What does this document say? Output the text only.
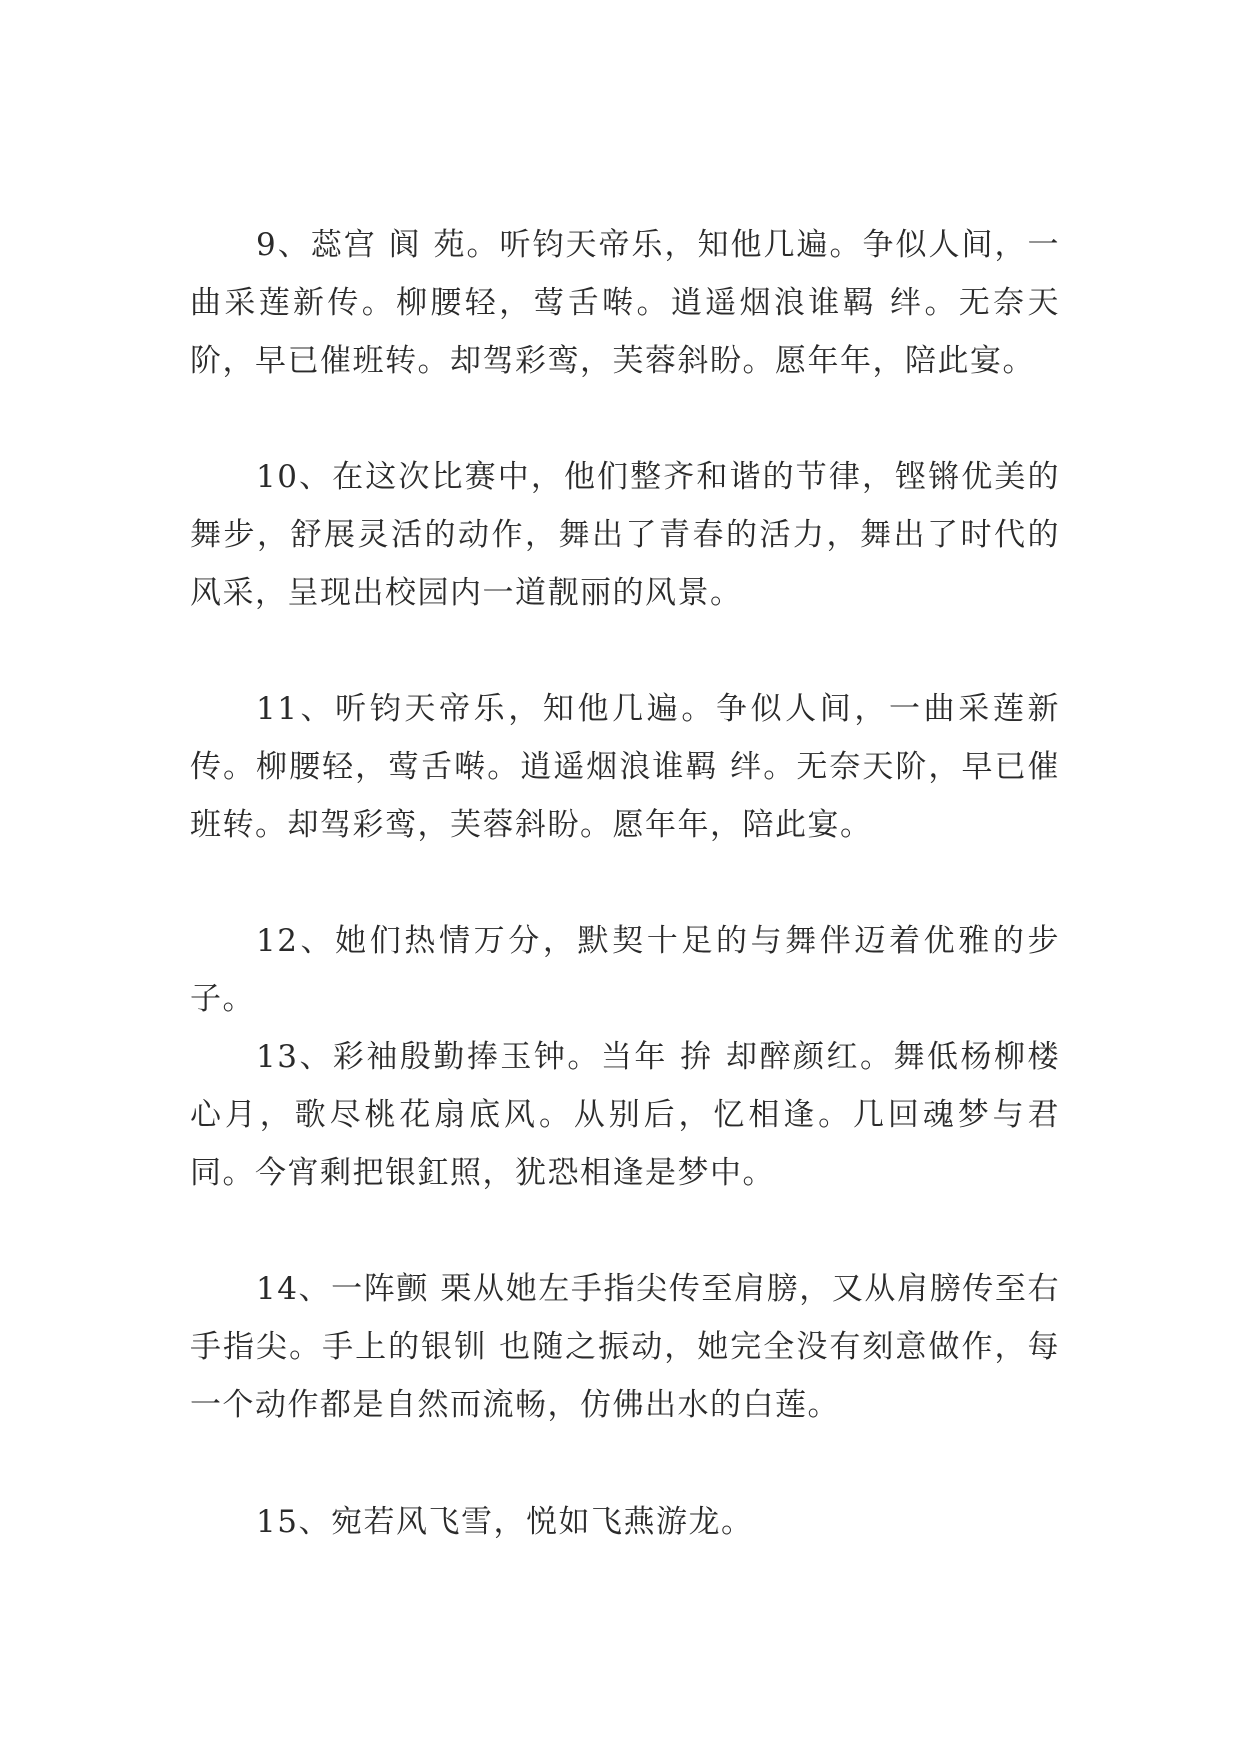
9、蕊宫 阆 苑。听钧天帝乐，知他几遍。争似人间，一曲采莲新传。柳腰轻，莺舌啭。逍遥烟浪谁羁 绊。无奈天阶，早已催班转。却驾彩鸾，芙蓉斜盼。愿年年，陪此宴。

10、在这次比赛中，他们整齐和谐的节律，铿锵优美的舞步，舒展灵活的动作，舞出了青春的活力，舞出了时代的风采，呈现出校园内一道靓丽的风景。

11、听钧天帝乐，知他几遍。争似人间，一曲采莲新传。柳腰轻，莺舌啭。逍遥烟浪谁羁 绊。无奈天阶，早已催班转。却驾彩鸾，芙蓉斜盼。愿年年，陪此宴。

12、她们热情万分，默契十足的与舞伴迈着优雅的步子。

13、彩袖殷勤捧玉钟。当年 拚 却醉颜红。舞低杨柳楼心月，歌尽桃花扇底风。从别后，忆相逢。几回魂梦与君同。今宵剩把银釭照，犹恐相逢是梦中。

14、一阵颤 栗从她左手指尖传至肩膀，又从肩膀传至右手指尖。手上的银钏 也随之振动，她完全没有刻意做作，每一个动作都是自然而流畅，仿佛出水的白莲。

15、宛若风飞雪，悦如飞燕游龙。
